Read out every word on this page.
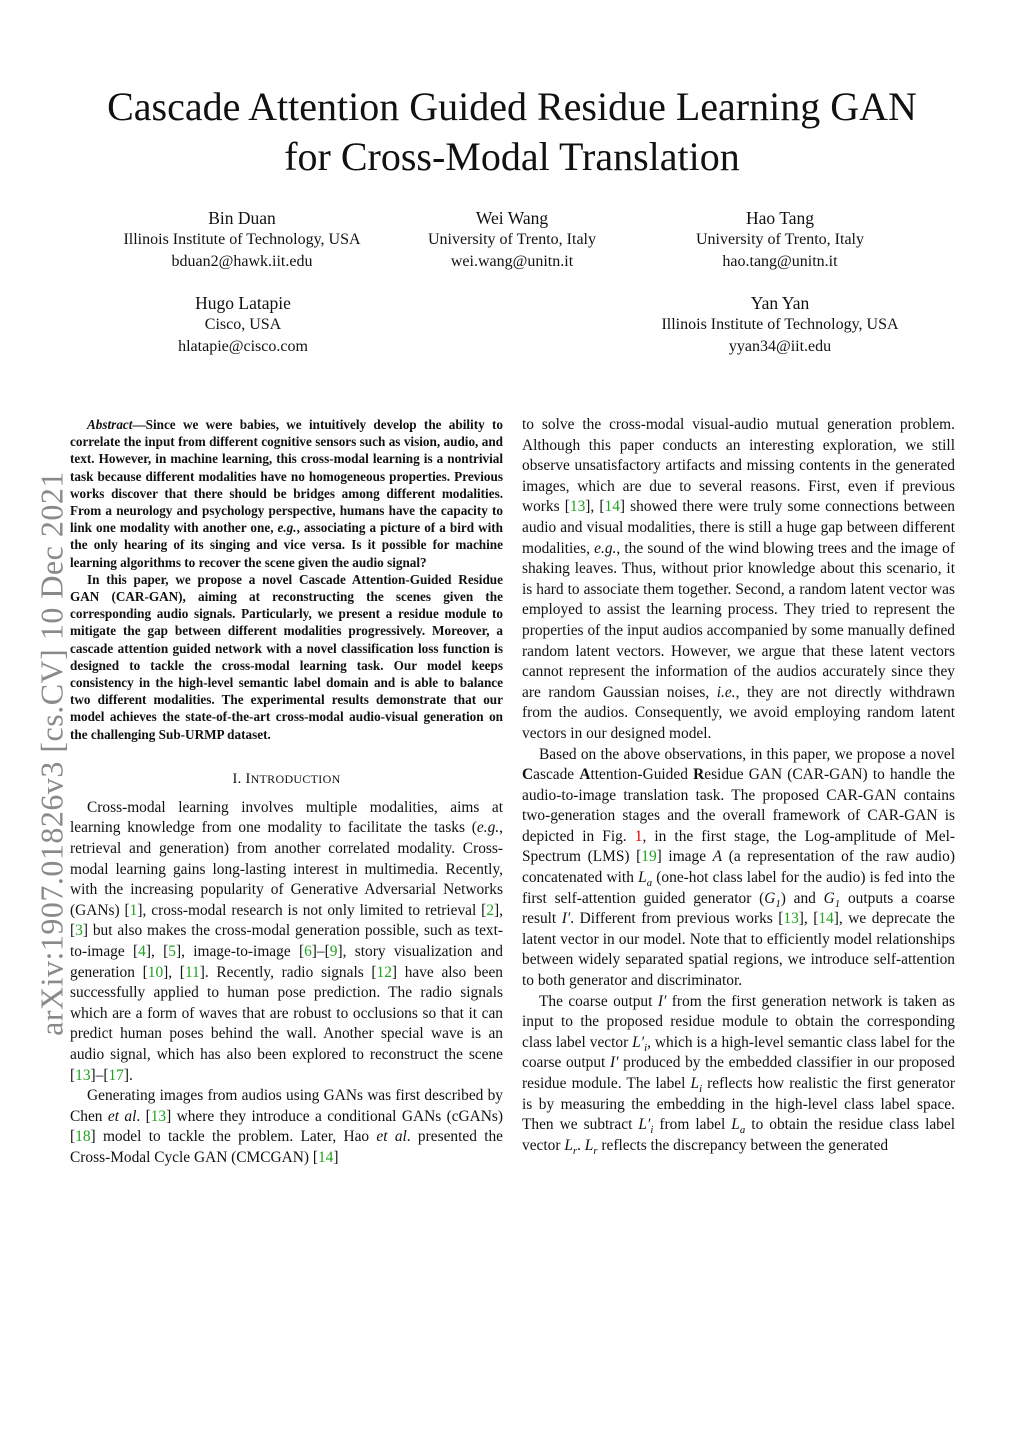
Cascade Attention Guided Residue Learning GAN
for Cross-Modal Translation
Bin Duan
Illinois Institute of Technology, USA
bduan2@hawk.iit.edu
Wei Wang
University of Trento, Italy
wei.wang@unitn.it
Hao Tang
University of Trento, Italy
hao.tang@unitn.it
Hugo Latapie
Cisco, USA
hlatapie@cisco.com
Yan Yan
Illinois Institute of Technology, USA
yyan34@iit.edu
arXiv:1907.01826v3 [cs.CV] 10 Dec 2021

Abstract—Since we were babies, we intuitively develop the ability to correlate the input from different cognitive sensors such as vision, audio, and text. However, in machine learning, this cross-modal learning is a nontrivial task because different modalities have no homogeneous properties. Previous works discover that there should be bridges among different modalities. From a neurology and psychology perspective, humans have the capacity to link one modality with another one, e.g., associating a picture of a bird with the only hearing of its singing and vice versa. Is it possible for machine learning algorithms to recover the scene given the audio signal?

In this paper, we propose a novel Cascade Attention-Guided Residue GAN (CAR-GAN), aiming at reconstructing the scenes given the corresponding audio signals. Particularly, we present a residue module to mitigate the gap between different modalities progressively. Moreover, a cascade attention guided network with a novel classification loss function is designed to tackle the cross-modal learning task. Our model keeps consistency in the high-level semantic label domain and is able to balance two different modalities. The experimental results demonstrate that our model achieves the state-of-the-art cross-modal audio-visual generation on the challenging Sub-URMP dataset.

I. INTRODUCTION

Cross-modal learning involves multiple modalities, aims at learning knowledge from one modality to facilitate the tasks (e.g., retrieval and generation) from another correlated modality. Cross-modal learning gains long-lasting interest in multimedia. Recently, with the increasing popularity of Generative Adversarial Networks (GANs) [1], cross-modal research is not only limited to retrieval [2], [3] but also makes the cross-modal generation possible, such as text-to-image [4], [5], image-to-image [6]–[9], story visualization and generation [10], [11]. Recently, radio signals [12] have also been successfully applied to human pose prediction. The radio signals which are a form of waves that are robust to occlusions so that it can predict human poses behind the wall. Another special wave is an audio signal, which has also been explored to reconstruct the scene [13]–[17].

Generating images from audios using GANs was first described by Chen et al. [13] where they introduce a conditional GANs (cGANs) [18] model to tackle the problem. Later, Hao et al. presented the Cross-Modal Cycle GAN (CMCGAN) [14]

to solve the cross-modal visual-audio mutual generation problem. Although this paper conducts an interesting exploration, we still observe unsatisfactory artifacts and missing contents in the generated images, which are due to several reasons. First, even if previous works [13], [14] showed there were truly some connections between audio and visual modalities, there is still a huge gap between different modalities, e.g., the sound of the wind blowing trees and the image of shaking leaves. Thus, without prior knowledge about this scenario, it is hard to associate them together. Second, a random latent vector was employed to assist the learning process. They tried to represent the properties of the input audios accompanied by some manually defined random latent vectors. However, we argue that these latent vectors cannot represent the information of the audios accurately since they are random Gaussian noises, i.e., they are not directly withdrawn from the audios. Consequently, we avoid employing random latent vectors in our designed model.

Based on the above observations, in this paper, we propose a novel Cascade Attention-Guided Residue GAN (CAR-GAN) to handle the audio-to-image translation task. The proposed CAR-GAN contains two-generation stages and the overall framework of CAR-GAN is depicted in Fig. 1, in the first stage, the Log-amplitude of Mel-Spectrum (LMS) [19] image A (a representation of the raw audio) concatenated with $L_a$ (one-hot class label for the audio) is fed into the first self-attention guided generator $(G_1)$ and $G_1$ outputs a coarse result I′. Different from previous works [13], [14], we deprecate the latent vector in our model. Note that to efficiently model relationships between widely separated spatial regions, we introduce self-attention to both generator and discriminator.

The coarse output I′ from the first generation network is taken as input to the proposed residue module to obtain the corresponding class label vector $L'_i$, which is a high-level semantic class label for the coarse output I′ produced by the embedded classifier in our proposed residue module. The label $L_i$ reflects how realistic the first generator is by measuring the embedding in the high-level class label space. Then we subtract $L'_i$ from label $L_a$ to obtain the residue class label vector $L_r$. $L_r$ reflects the discrepancy between the generated
